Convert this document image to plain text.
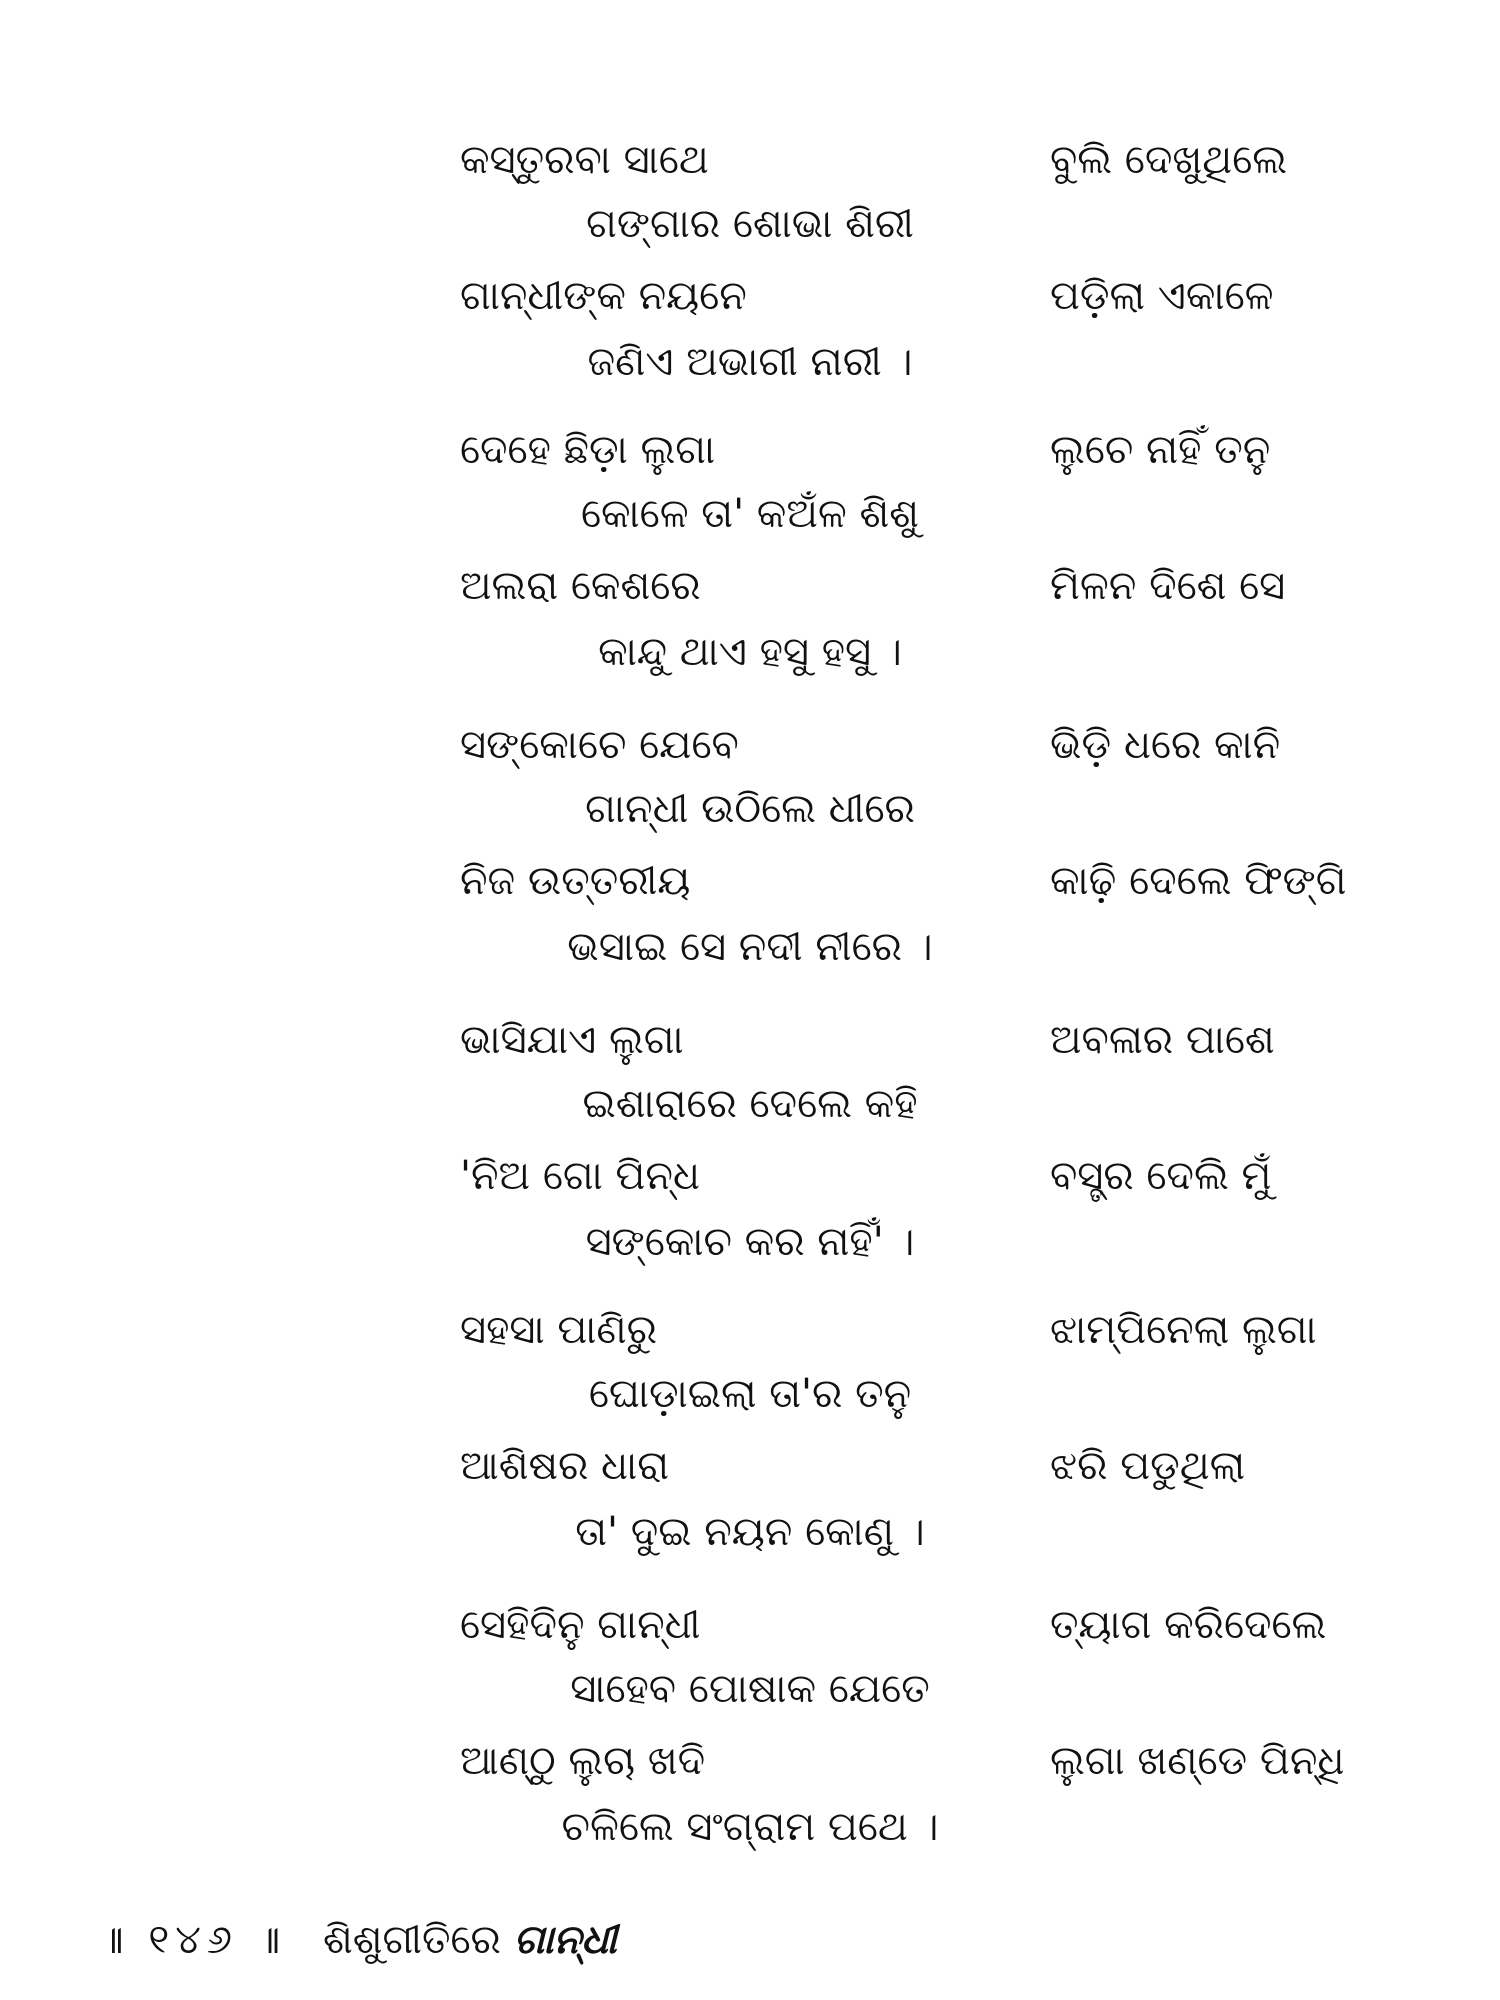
କସ୍ତୁରବା ସାଥେ	ବୁଲି ଦେଖୁଥିଲେ
ଗଙ୍ଗାର ଶୋଭା ଶିରୀ
ଗାନ୍ଧୀଙ୍କ ନୟନେ	ପଡ଼ିଲା ଏକାଳେ
ଜଣିଏ ଅଭାଗୀ ନାରୀ ।
ଦେହେ ଛିଡ଼ା ଲୁଗା	ଲୁଚେ ନାହିଁ ତନୁ
କୋଳେ ତା' କଅଁଳ ଶିଶୁ
ଅଲରା କେଶରେ	ମିଳନ ଦିଶେ ସେ
କାନ୍ଦୁ ଥାଏ ହସୁ ହସୁ ।
ସଙ୍କୋଚେ ଯେବେ	ଭିଡ଼ି ଧରେ କାନି
ଗାନ୍ଧୀ ଉଠିଲେ ଧୀରେ
ନିଜ ଉତ୍ତରୀୟ	କାଢ଼ି ଦେଲେ ଫିଙ୍ଗି
ଭସାଇ ସେ ନଦୀ ନୀରେ ।
ଭାସିଯାଏ ଲୁଗା	ଅବଳାର ପାଶେ
ଇଶାରାରେ ଦେଲେ କହି
'ନିଅ ଗୋ ପିନ୍ଧ	ବସ୍ତ୍ର ଦେଲି ମୁଁ
ସଙ୍କୋଚ କର ନାହିଁ' ।
ସହସା ପାଣିରୁ	ଝାମ୍ପିନେଲା ଲୁଗା
ଘୋଡ଼ାଇଲା ତା'ର ତନୁ
ଆଶିଷର ଧାରା	ଝରି ପଡୁଥିଲା
ତା' ଦୁଇ ନୟନ କୋଣୁ ।
ସେହିଦିନୁ ଗାନ୍ଧୀ	ତ୍ୟାଗ କରିଦେଲେ
ସାହେବ ପୋଷାକ ଯେତେ
ଆଣ୍ଠୁ ଲୁଚା ଖଦି	ଲୁଗା ଖଣ୍ଡେ ପିନ୍ଧି
ଚଳିଲେ ସଂଗ୍ରାମ ପଥେ ।
॥ ୧୪୬ ॥ ଶିଶୁଗୀତିରେ ଗାନ୍ଧୀ
